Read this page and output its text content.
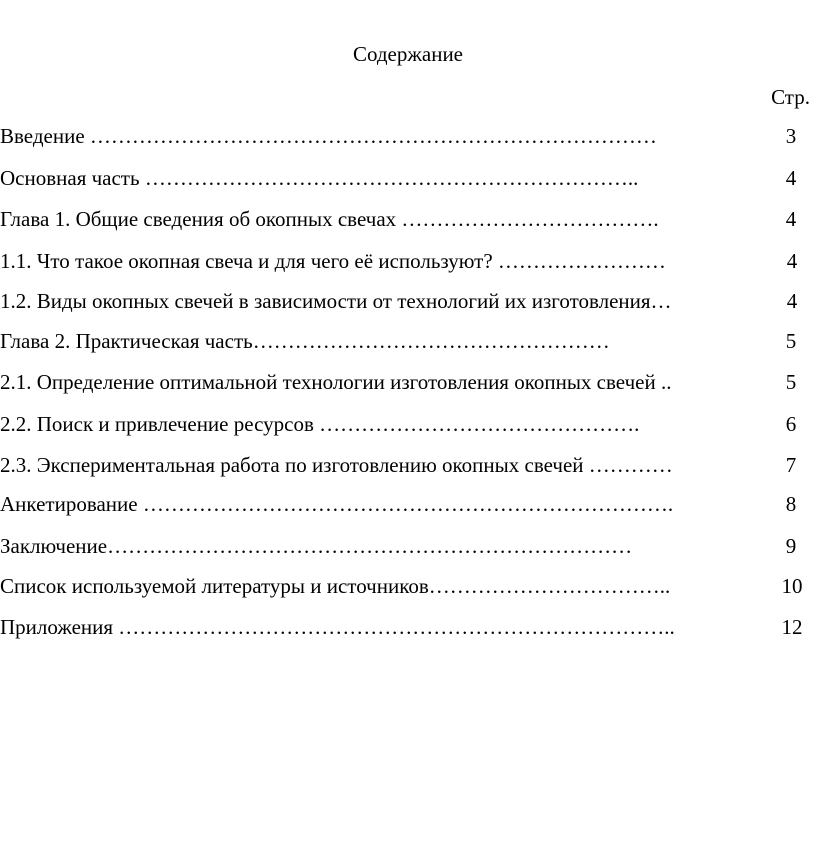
Содержание
Стр.
Введение ………………………………………………………………………	3
Основная часть ……………………………………………………………..	4
Глава 1. Общие сведения об окопных свечах ……………………………….	4
1.1. Что такое окопная свеча и для чего её используют? ……………………	4
1.2. Виды окопных свечей в зависимости от технологий их изготовления…	4
Глава 2. Практическая часть……………………………………………	5
2.1. Определение оптимальной технологии изготовления окопных свечей ..	5
2.2. Поиск и привлечение ресурсов ……………………………………….	6
2.3. Экспериментальная работа по изготовлению окопных свечей …………	7
Анкетирование ………………………………………………………………….	8
Заключение…………………………………………………………………	9
Список используемой литературы и источников……………………………..	10
Приложения ……………………………………………………………………..	12
